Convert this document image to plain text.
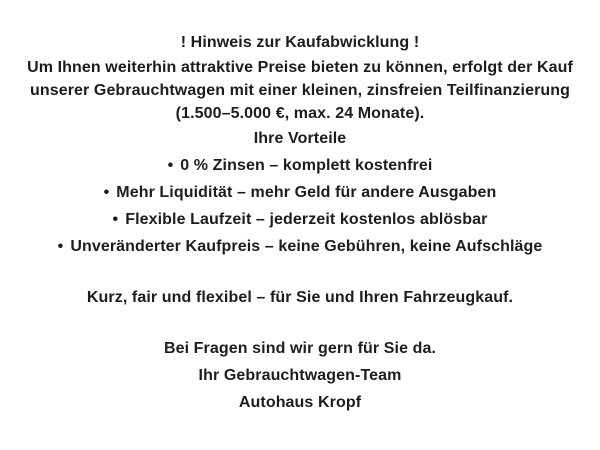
! Hinweis zur Kaufabwicklung !

Um Ihnen weiterhin attraktive Preise bieten zu können, erfolgt der Kauf unserer Gebrauchtwagen mit einer kleinen, zinsfreien Teilfinanzierung (1.500–5.000 €, max. 24 Monate).

Ihre Vorteile

• 0 % Zinsen – komplett kostenfrei

• Mehr Liquidität – mehr Geld für andere Ausgaben

• Flexible Laufzeit – jederzeit kostenlos ablösbar

• Unveränderter Kaufpreis – keine Gebühren, keine Aufschläge

Kurz, fair und flexibel – für Sie und Ihren Fahrzeugkauf.

Bei Fragen sind wir gern für Sie da.

Ihr Gebrauchtwagen-Team

Autohaus Kropf
